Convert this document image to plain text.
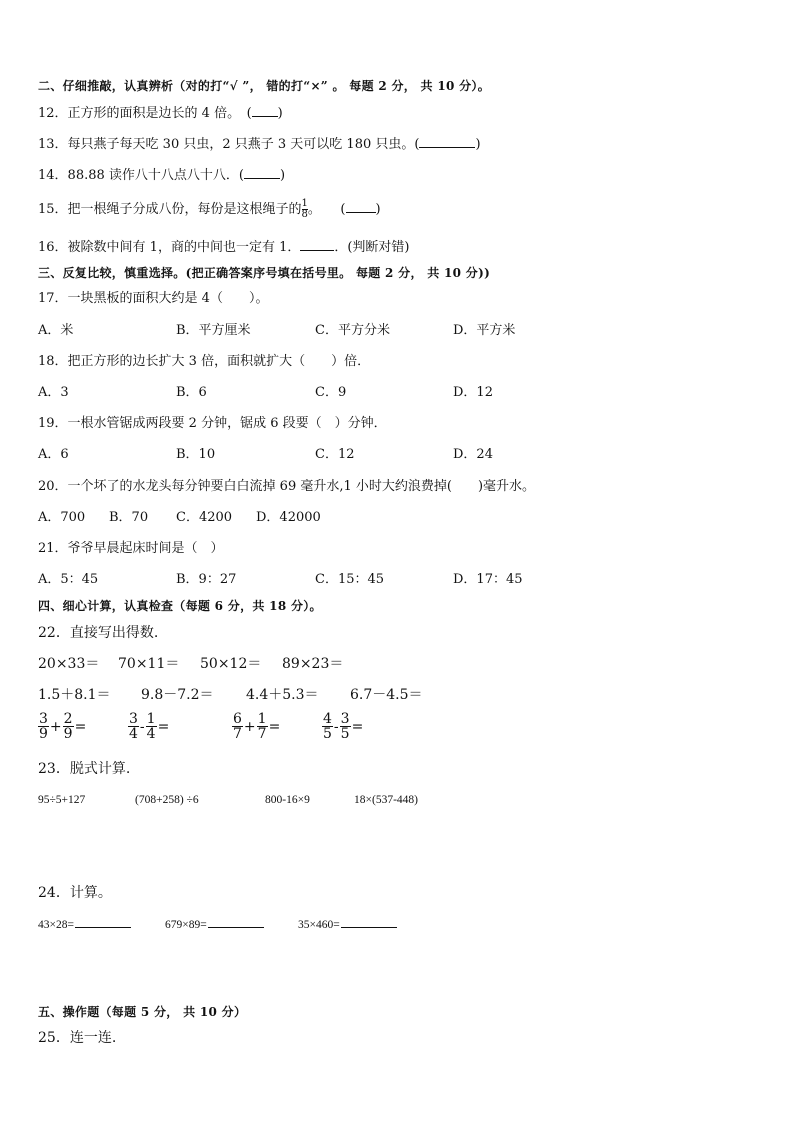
二、仔细推敲，认真辨析（对的打“√ ”， 错的打“×” 。 每题 2 分， 共 10 分）。
12．正方形的面积是边长的 4 倍。　( )
13．每只燕子每天吃 30 只虫，2 只燕子 3 天可以吃 180 只虫。(	)
14．88.88 读作八十八点八十八．(	)
15．把一根绳子分成八份，每份是这根绳子的 $\frac{1}{8}$。　　( )
16．被除数中间有 1，商的中间也一定有 1．	．(判断对错)
三、反复比较，慎重选择。(把正确答案序号填在括号里。 每题 2 分， 共 10 分))
17．一块黑板的面积大约是 4（　　）。
A．米	B．平方厘米	C．平方分米	D．平方米
18．把正方形的边长扩大 3 倍，面积就扩大（　　）倍．
A．3	B．6	C．9	D．12
19．一根水管锯成两段要 2 分钟，锯成 6 段要（　）分钟．
A．6	B．10	C．12	D．24
20．一个坏了的水龙头每分钟要白白流掉 69 毫升水,1 小时大约浪费掉(　　)毫升水。
A．700 B．70 C．4200 D．42000
21．爷爷早晨起床时间是（　）
A．5：45	B．9：27	C．15：45	D．17：45
四、细心计算，认真检查（每题 6 分，共 18 分）。
22．直接写出得数.
20×33＝ 70×11＝ 50×12＝ 89×23＝
1.5＋8.1＝ 9.8－7.2＝ 4.4＋5.3＝ 6.7－4.5＝
$\frac{3}{9} + \frac{2}{9}$ =	$\frac{3}{4} - \frac{1}{4}$ =	$\frac{6}{7} + \frac{1}{7}$ =	$\frac{4}{5} - \frac{3}{5}$ =
23．脱式计算.
95÷5+127	(708+258) ÷6	800-16×9	18×(537-448)
24．计算。
43×28=	679×89=	35×460=
五、操作题（每题 5 分， 共 10 分）
25．连一连.
